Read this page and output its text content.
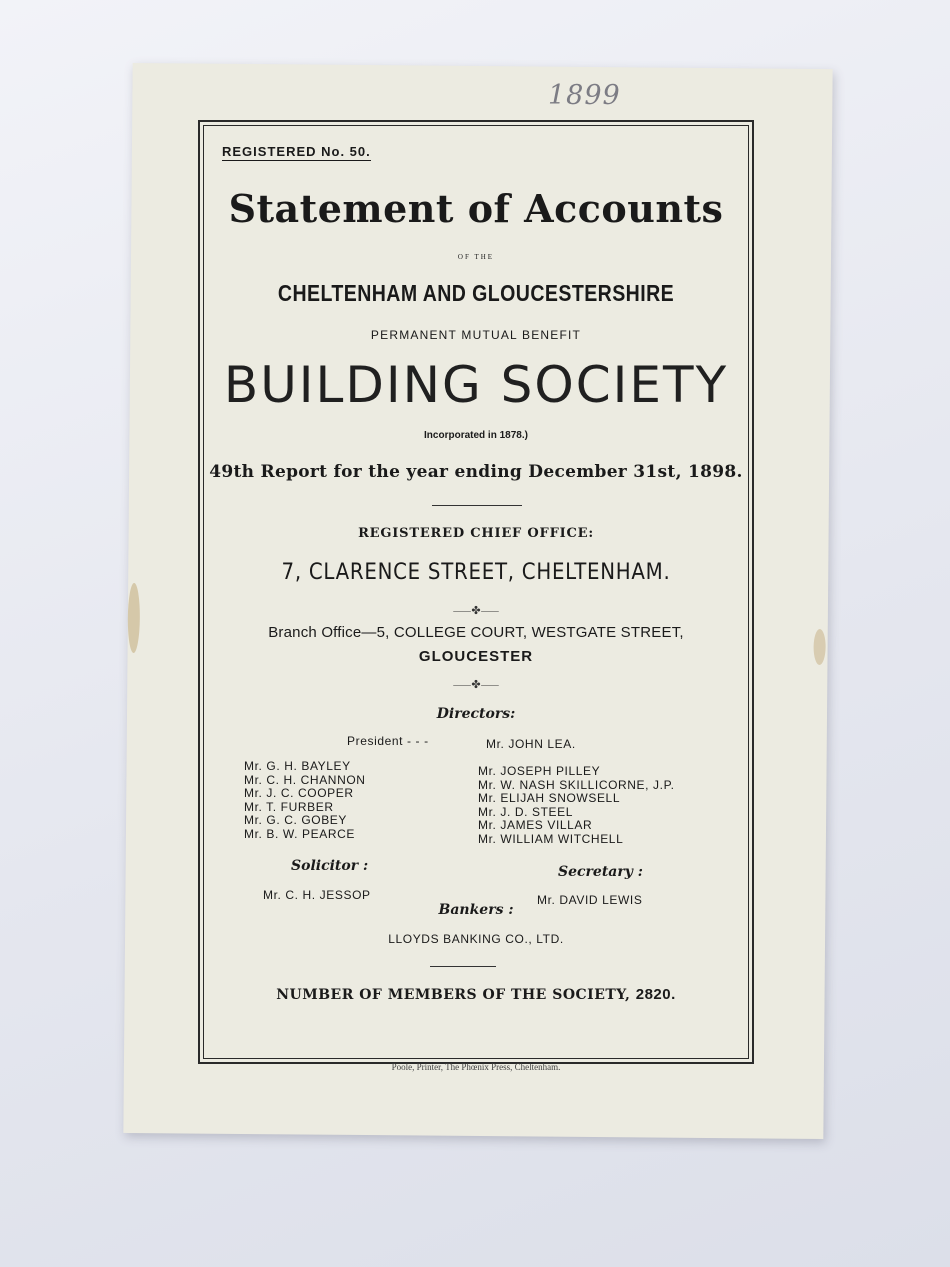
1899
REGISTERED No. 50.
Statement of Accounts
OF THE
CHELTENHAM AND GLOUCESTERSHIRE
PERMANENT MUTUAL BENEFIT
BUILDING SOCIETY
Incorporated in 1878.)
49th Report for the year ending December 31st, 1898.
REGISTERED CHIEF OFFICE:
7, CLARENCE STREET, CHELTENHAM.
⸺✤⸺
Branch Office—5, COLLEGE COURT, WESTGATE STREET,
GLOUCESTER
⸺✤⸺
Directors:
President - - -	Mr. JOHN LEA.
Mr. G. H. BAYLEY
Mr. C. H. CHANNON
Mr. J. C. COOPER
Mr. T. FURBER
Mr. G. C. GOBEY
Mr. B. W. PEARCE
Mr. JOSEPH PILLEY
Mr. W. NASH SKILLICORNE, J.P.
Mr. ELIJAH SNOWSELL
Mr. J. D. STEEL
Mr. JAMES VILLAR
Mr. WILLIAM WITCHELL
Solicitor :
Mr. C. H. JESSOP
Secretary :
Mr. DAVID LEWIS
Bankers :
LLOYDS BANKING CO., LTD.
NUMBER OF MEMBERS OF THE SOCIETY, 2820.
Poole, Printer, The Phœnix Press, Cheltenham.
